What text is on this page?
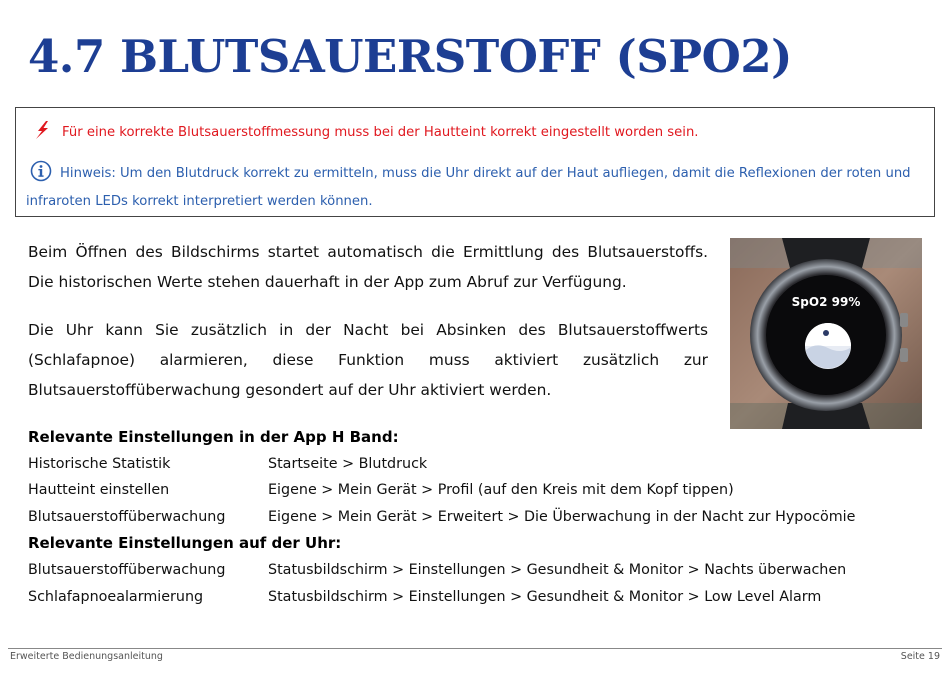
4.7 BLUTSAUERSTOFF (SPO2)
Für eine korrekte Blutsauerstoffmessung muss bei der Hautteint korrekt eingestellt worden sein.
Hinweis: Um den Blutdruck korrekt zu ermitteln, muss die Uhr direkt auf der Haut aufliegen, damit die Reflexionen der roten und infraroten LEDs korrekt interpretiert werden können.

Beim Öffnen des Bildschirms startet automatisch die Ermittlung des Blutsauerstoffs. Die historischen Werte stehen dauerhaft in der App zum Abruf zur Verfügung.

Die Uhr kann Sie zusätzlich in der Nacht bei Absinken des Blutsauerstoffwerts (Schlafapnoe) alarmieren, diese Funktion muss aktiviert zusätzlich zur Blutsauerstoffüberwachung gesondert auf der Uhr aktiviert werden.

SpO2 99%
Relevante Einstellungen in der App H Band:
Historische Statistik	Startseite > Blutdruck
Hautteint einstellen	Eigene > Mein Gerät > Profil (auf den Kreis mit dem Kopf tippen)
Blutsauerstoffüberwachung	Eigene > Mein Gerät > Erweitert > Die Überwachung in der Nacht zur Hypocömie
Relevante Einstellungen auf der Uhr:
Blutsauerstoffüberwachung	Statusbildschirm > Einstellungen > Gesundheit & Monitor > Nachts überwachen
Schlafapnoealarmierung	Statusbildschirm > Einstellungen > Gesundheit & Monitor > Low Level Alarm
Erweiterte Bedienungsanleitung	Seite 19
